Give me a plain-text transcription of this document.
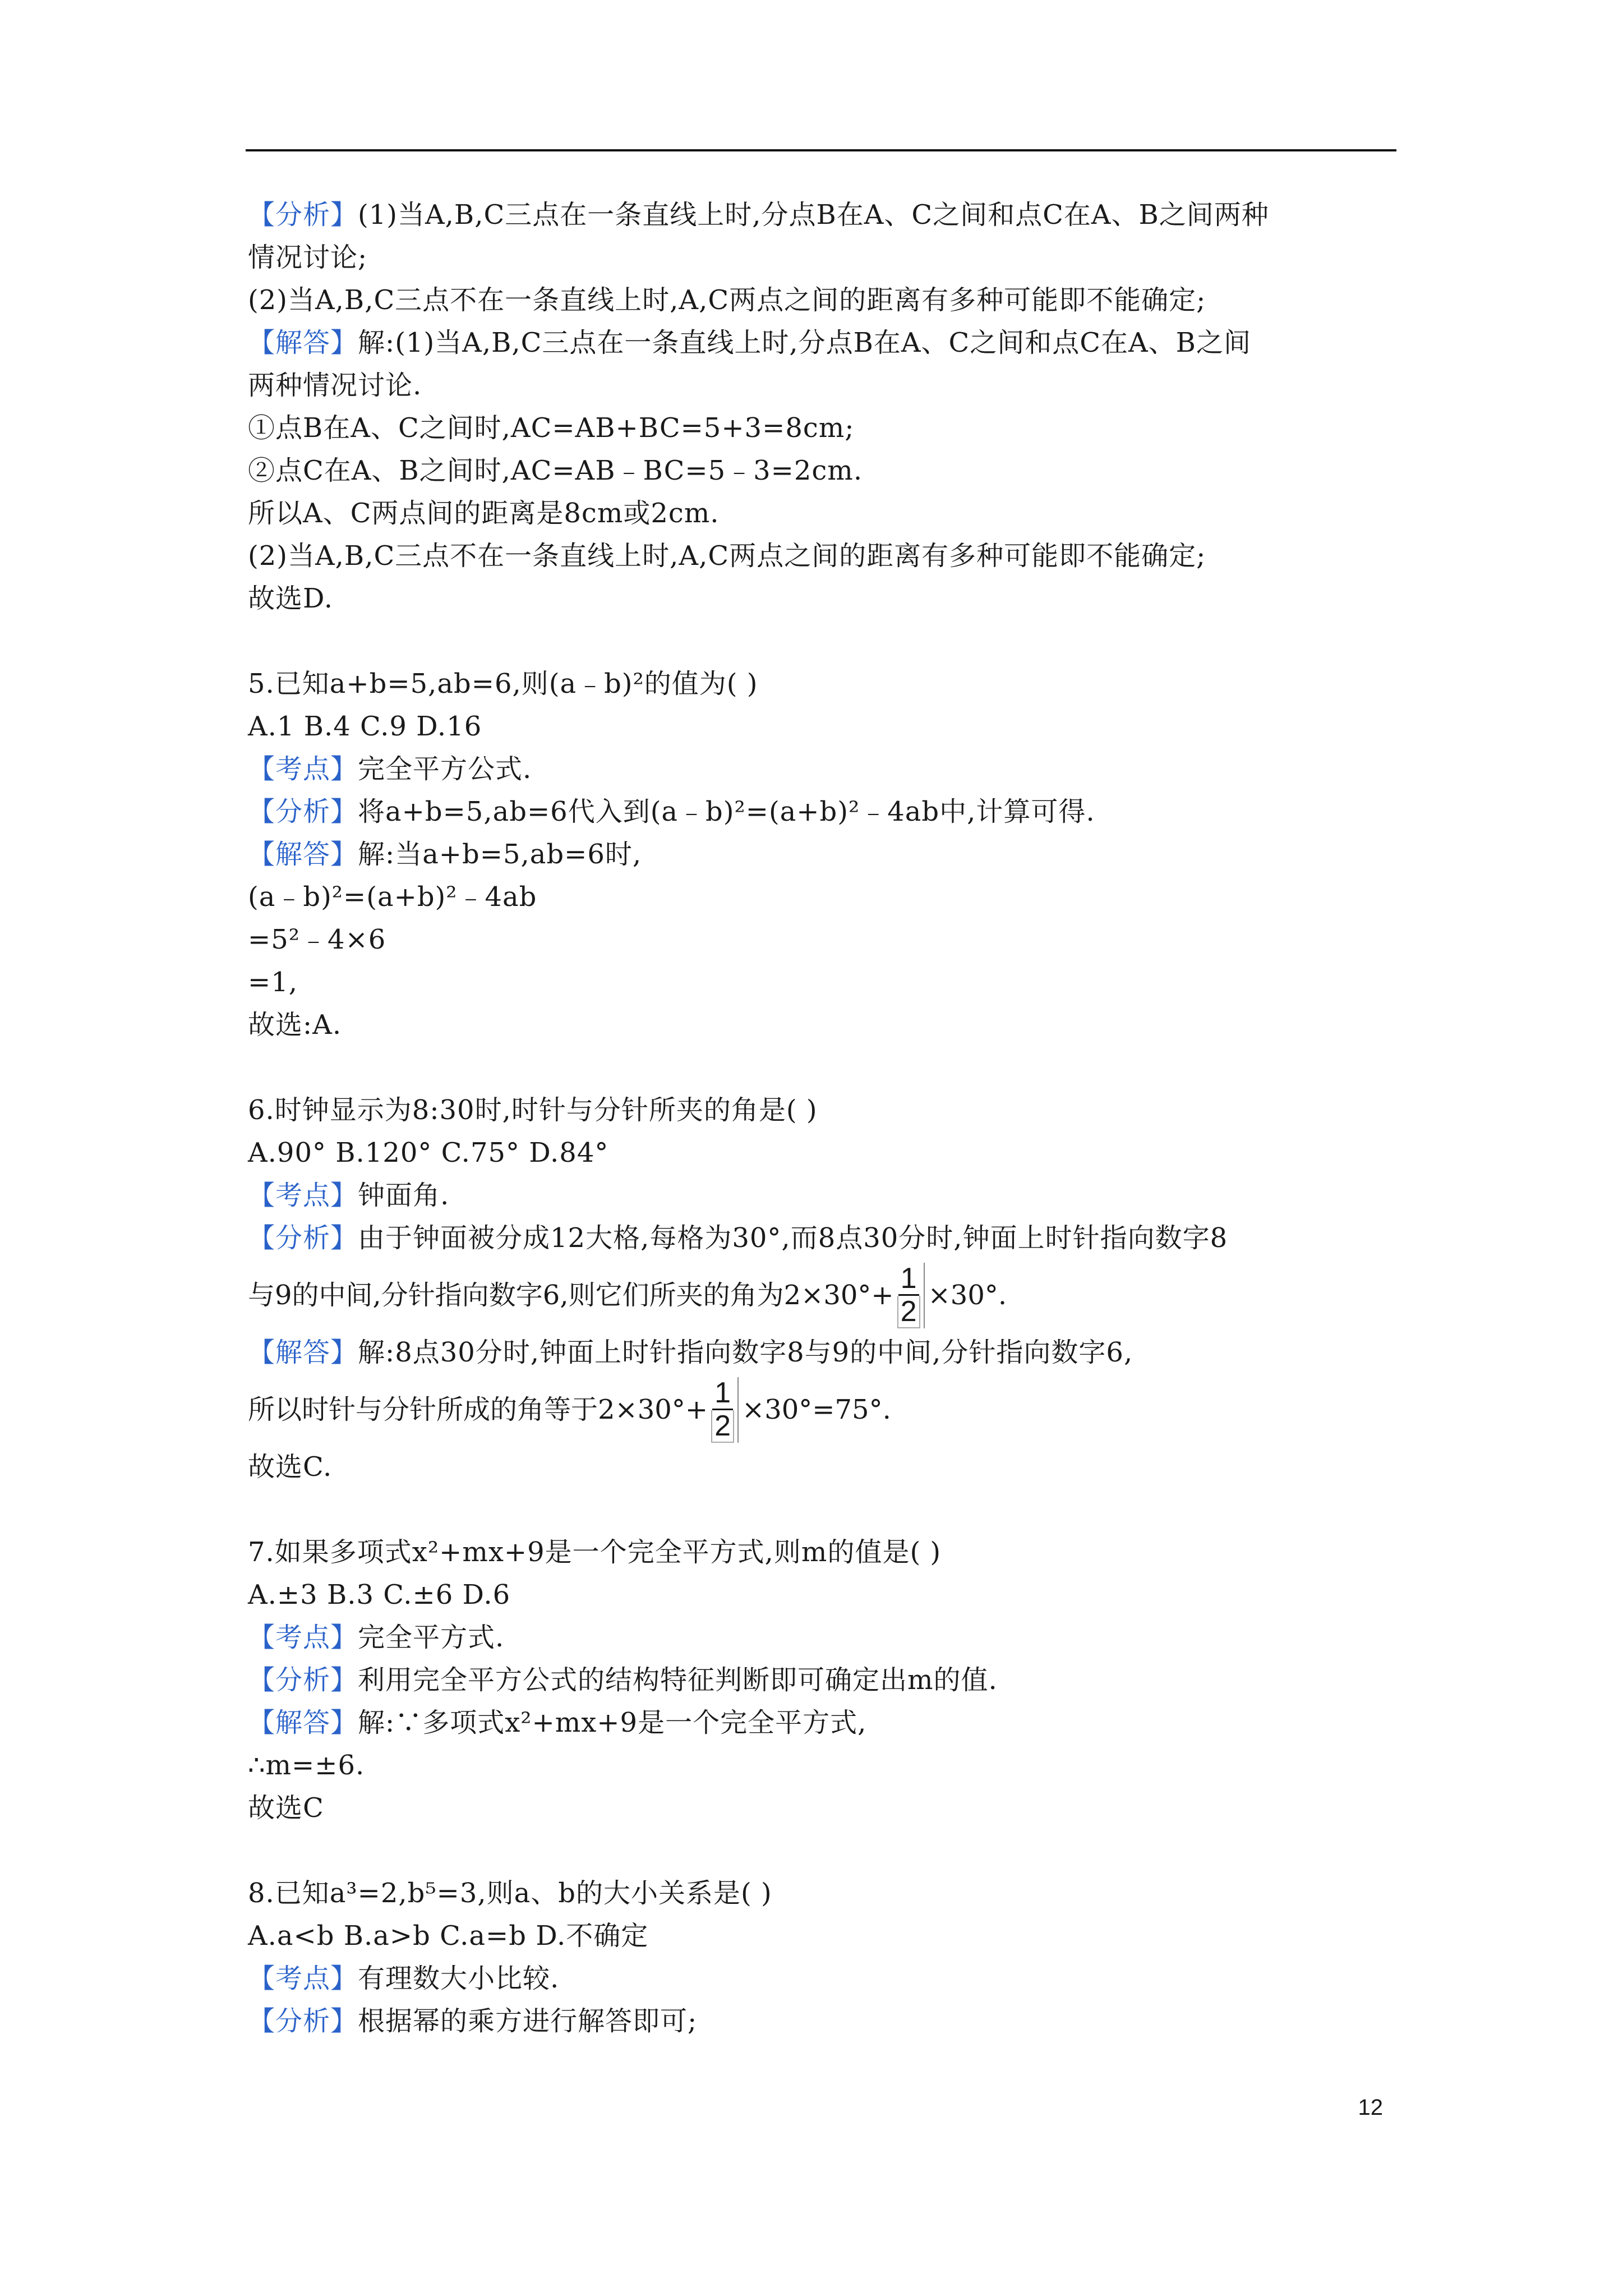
【分析】(1)当A,B,C三点在一条直线上时,分点B在A、C之间和点C在A、B之间两种
情况讨论;
(2)当A,B,C三点不在一条直线上时,A,C两点之间的距离有多种可能即不能确定;
【解答】解:(1)当A,B,C三点在一条直线上时,分点B在A、C之间和点C在A、B之间
两种情况讨论.
①点B在A、C之间时,AC=AB+BC=5+3=8cm;
②点C在A、B之间时,AC=AB﹣BC=5﹣3=2cm.
所以A、C两点间的距离是8cm或2cm.
(2)当A,B,C三点不在一条直线上时,A,C两点之间的距离有多种可能即不能确定;
故选D.
5.已知a+b=5,ab=6,则(a﹣b)²的值为( )
A.1 B.4 C.9 D.16
【考点】完全平方公式.
【分析】将a+b=5,ab=6代入到(a﹣b)²=(a+b)²﹣4ab中,计算可得.
【解答】解:当a+b=5,ab=6时,
(a﹣b)²=(a+b)²﹣4ab
=5²﹣4×6
=1,
故选:A.
6.时钟显示为8:30时,时针与分针所夹的角是( )
A.90° B.120° C.75° D.84°
【考点】钟面角.
【分析】由于钟面被分成12大格,每格为30°,而8点30分时,钟面上时针指向数字8
与9的中间,分针指向数字6,则它们所夹的角为$2\times 30^\circ+ \frac{1}{2} \times 30^\circ$.
【解答】解:8点30分时,钟面上时针指向数字8与9的中间,分针指向数字6,
所以时针与分针所成的角等于$2\times 30^\circ+ \frac{1}{2} \times 30^\circ=75^\circ$.
故选C.
7.如果多项式x²+mx+9是一个完全平方式,则m的值是( )
A.±3 B.3 C.±6 D.6
【考点】完全平方式.
【分析】利用完全平方公式的结构特征判断即可确定出m的值.
【解答】解:∵多项式x²+mx+9是一个完全平方式,
∴m=±6.
故选C
8.已知a³=2,b⁵=3,则a、b的大小关系是( )
A.a<b B.a>b C.a=b D.不确定
【考点】有理数大小比较.
【分析】根据幂的乘方进行解答即可;
12
